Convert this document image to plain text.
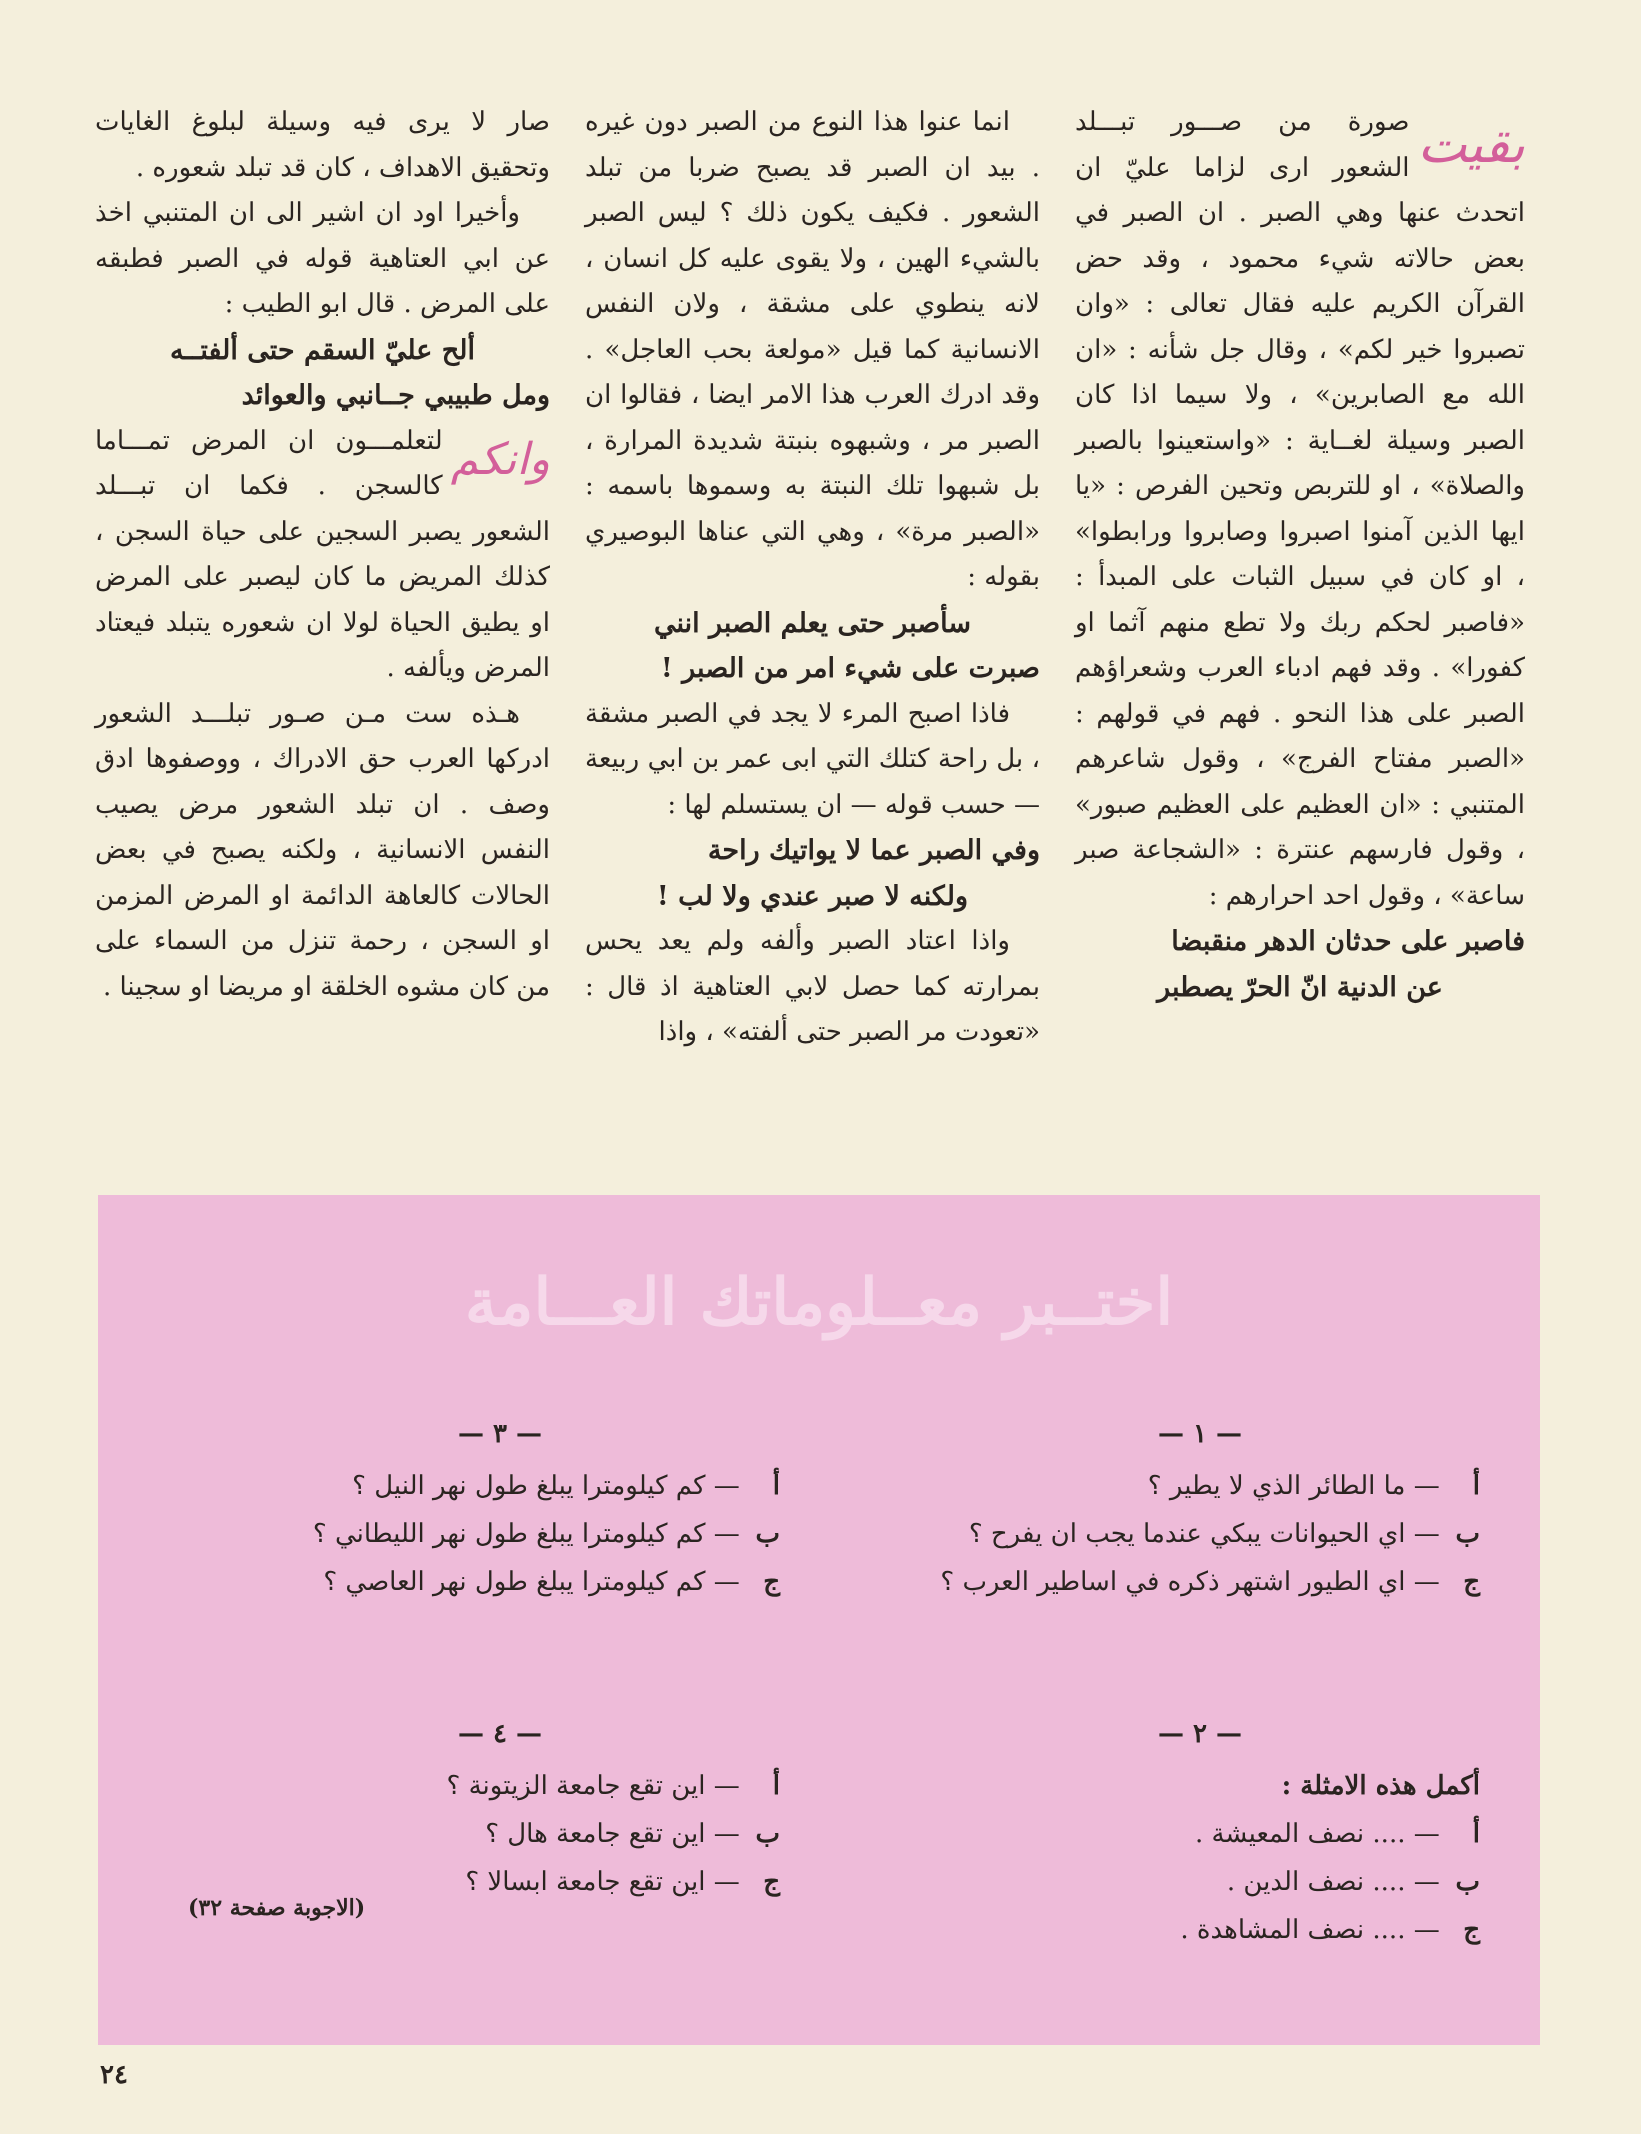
بقيت

صورة من صـــور تبـــلد الشعور ارى لزاما عليّ ان اتحدث عنها وهي الصبر . ان الصبر في بعض حالاته شيء محمود ، وقد حض القرآن الكريم عليه فقال تعالى : «وان تصبروا خير لكم» ، وقال جل شأنه : «ان الله مع الصابرين» ، ولا سيما اذا كان الصبر وسيلة لغــاية : «واستعينوا بالصبر والصلاة» ، او للتربص وتحين الفرص : «يا ايها الذين آمنوا اصبروا وصابروا ورابطوا» ، او كان في سبيل الثبات على المبدأ : «فاصبر لحكم ربك ولا تطع منهم آثما او كفورا» . وقد فهم ادباء العرب وشعراؤهم الصبر على هذا النحو . فهم في قولهم : «الصبر مفتاح الفرج» ، وقول شاعرهم المتنبي : «ان العظيم على العظيم صبور» ، وقول فارسهم عنترة : «الشجاعة صبر ساعة» ، وقول احد احرارهم :

فاصبر على حدثان الدهر منقبضا

عن الدنية انّ الحرّ يصطبر

انما عنوا هذا النوع من الصبر دون غيره . بيد ان الصبر قد يصبح ضربا من تبلد الشعور . فكيف يكون ذلك ؟ ليس الصبر بالشيء الهين ، ولا يقوى عليه كل انسان ، لانه ينطوي على مشقة ، ولان النفس الانسانية كما قيل «مولعة بحب العاجل» . وقد ادرك العرب هذا الامر ايضا ، فقالوا ان الصبر مر ، وشبهوه بنبتة شديدة المرارة ، بل شبهوا تلك النبتة به وسموها باسمه : «الصبر مرة» ، وهي التي عناها البوصيري بقوله :

سأصبر حتى يعلم الصبر انني

صبرت على شيء امر من الصبر !

فاذا اصبح المرء لا يجد في الصبر مشقة ، بل راحة كتلك التي ابى عمر بن ابي ربيعة — حسب قوله — ان يستسلم لها :

وفي الصبر عما لا يواتيك راحة

ولكنه لا صبر عندي ولا لب !

واذا اعتاد الصبر وألفه ولم يعد يحس بمرارته كما حصل لابي العتاهية اذ قال : «تعودت مر الصبر حتى ألفته» ، واذا

صار لا يرى فيه وسيلة لبلوغ الغايات وتحقيق الاهداف ، كان قد تبلد شعوره .

وأخيرا اود ان اشير الى ان المتنبي اخذ عن ابي العتاهية قوله في الصبر فطبقه على المرض . قال ابو الطيب :

ألح عليّ السقم حتى ألفتــه

ومل طبيبي جــانبي والعوائد

وانكم

لتعلمـــون ان المرض تمـــاما كالسجن . فكما ان تبـــلد الشعور يصبر السجين على حياة السجن ، كذلك المريض ما كان ليصبر على المرض او يطيق الحياة لولا ان شعوره يتبلد فيعتاد المرض ويألفه .

هـذه ست مـن صـور تبلـــد الشعور ادركها العرب حق الادراك ، ووصفوها ادق وصف . ان تبلد الشعور مرض يصيب النفس الانسانية ، ولكنه يصبح في بعض الحالات كالعاهة الدائمة او المرض المزمن او السجن ، رحمة تنزل من السماء على من كان مشوه الخلقة او مريضا او سجينا .

اختــبر معــلوماتك العـــامة
— ١ —
أ — ما الطائر الذي لا يطير ؟
ب — اي الحيوانات يبكي عندما يجب ان يفرح ؟
ج — اي الطيور اشتهر ذكره في اساطير العرب ؟
— ٣ —
أ — كم كيلومترا يبلغ طول نهر النيل ؟
ب — كم كيلومترا يبلغ طول نهر الليطاني ؟
ج — كم كيلومترا يبلغ طول نهر العاصي ؟
— ٢ —
أكمل هذه الامثلة :
أ — .... نصف المعيشة .
ب — .... نصف الدين .
ج — .... نصف المشاهدة .
— ٤ —
أ — اين تقع جامعة الزيتونة ؟
ب — اين تقع جامعة هال ؟
ج — اين تقع جامعة ابسالا ؟
(الاجوبة صفحة ٣٢)
٢٤
